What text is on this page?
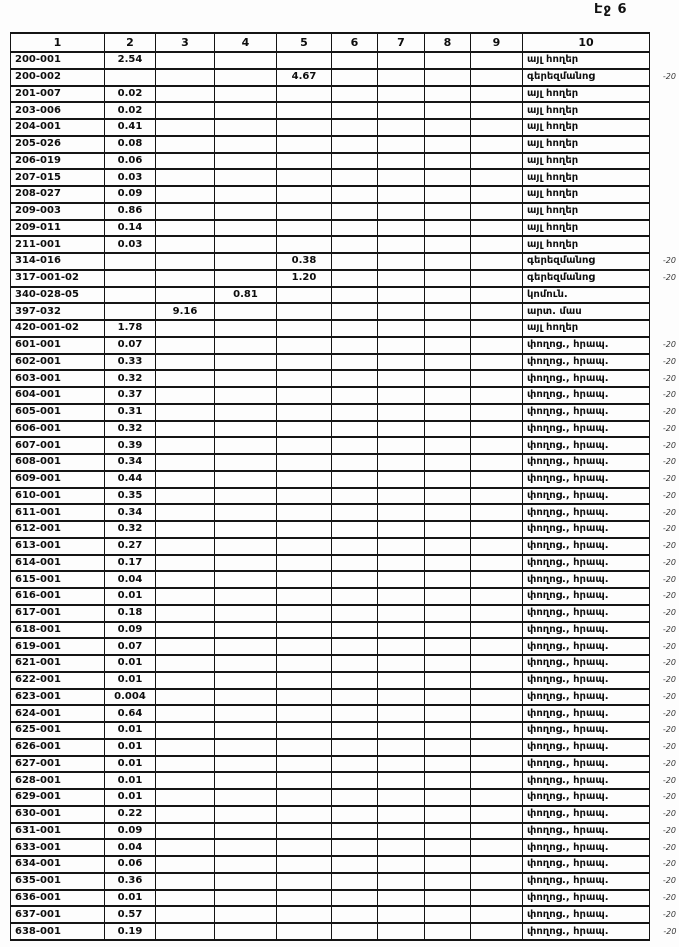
Էջ 6
1	2	3	4	5	6	7	8	9	10	
200-001	2.54								այլ հողեր	
200-002				4.67					գերեզմանոց	-20
201-007	0.02								այլ հողեր	
203-006	0.02								այլ հողեր	
204-001	0.41								այլ հողեր	
205-026	0.08								այլ հողեր	
206-019	0.06								այլ հողեր	
207-015	0.03								այլ հողեր	
208-027	0.09								այլ հողեր	
209-003	0.86								այլ հողեր	
209-011	0.14								այլ հողեր	
211-001	0.03								այլ հողեր	
314-016				0.38					գերեզմանոց	-20
317-001-02				1.20					գերեզմանոց	-20
340-028-05			0.81						կոմուն.	
397-032		9.16							արտ. մաս	
420-001-02	1.78								այլ հողեր	
601-001	0.07								փողոց., հրապ.	-20
602-001	0.33								փողոց., հրապ.	-20
603-001	0.32								փողոց., հրապ.	-20
604-001	0.37								փողոց., հրապ.	-20
605-001	0.31								փողոց., հրապ.	-20
606-001	0.32								փողոց., հրապ.	-20
607-001	0.39								փողոց., հրապ.	-20
608-001	0.34								փողոց., հրապ.	-20
609-001	0.44								փողոց., հրապ.	-20
610-001	0.35								փողոց., հրապ.	-20
611-001	0.34								փողոց., հրապ.	-20
612-001	0.32								փողոց., հրապ.	-20
613-001	0.27								փողոց., հրապ.	-20
614-001	0.17								փողոց., հրապ.	-20
615-001	0.04								փողոց., հրապ.	-20
616-001	0.01								փողոց., հրապ.	-20
617-001	0.18								փողոց., հրապ.	-20
618-001	0.09								փողոց., հրապ.	-20
619-001	0.07								փողոց., հրապ.	-20
621-001	0.01								փողոց., հրապ.	-20
622-001	0.01								փողոց., հրապ.	-20
623-001	0.004								փողոց., հրապ.	-20
624-001	0.64								փողոց., հրապ.	-20
625-001	0.01								փողոց., հրապ.	-20
626-001	0.01								փողոց., հրապ.	-20
627-001	0.01								փողոց., հրապ.	-20
628-001	0.01								փողոց., հրապ.	-20
629-001	0.01								փողոց., հրապ.	-20
630-001	0.22								փողոց., հրապ.	-20
631-001	0.09								փողոց., հրապ.	-20
633-001	0.04								փողոց., հրապ.	-20
634-001	0.06								փողոց., հրապ.	-20
635-001	0.36								փողոց., հրապ.	-20
636-001	0.01								փողոց., հրապ.	-20
637-001	0.57								փողոց., հրապ.	-20
638-001	0.19								փողոց., հրապ.	-20
